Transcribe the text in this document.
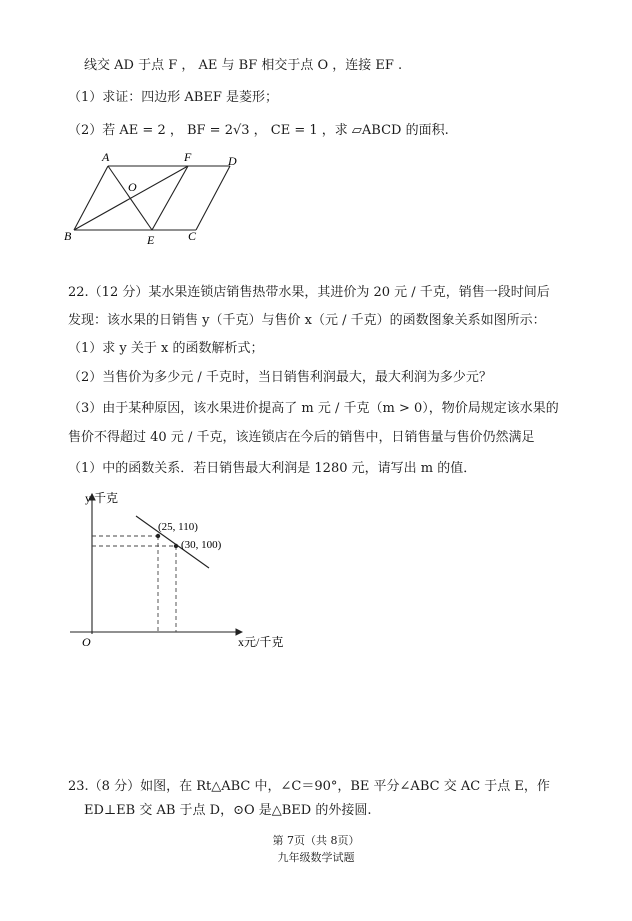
线交 AD 于点 F ， AE 与 BF 相交于点 O ，连接 EF .
（1）求证：四边形 ABEF 是菱形；
（2）若 AE = 2 ， BF = 2√3 ， CE = 1 ，求 ▱ABCD 的面积.
A	F	D
O
B	E	C
22.（12 分）某水果连锁店销售热带水果，其进价为 20 元 / 千克，销售一段时间后
发现：该水果的日销售 y（千克）与售价 x（元 / 千克）的函数图象关系如图所示：
（1）求 y 关于 x 的函数解析式；
（2）当售价为多少元 / 千克时，当日销售利润最大，最大利润为多少元？
（3）由于某种原因，该水果进价提高了 m 元 / 千克（m > 0），物价局规定该水果的
售价不得超过 40 元 / 千克，该连锁店在今后的销售中，日销售量与售价仍然满足
（1）中的函数关系．若日销售最大利润是 1280 元，请写出 m 的值．
y 千克
x元/千克
O
(25, 110)
(30, 100)
23.（8 分）如图，在 Rt△ABC 中，∠C＝90°，BE 平分∠ABC 交 AC 于点 E，作
ED⊥EB 交 AB 于点 D，⊙O 是△BED 的外接圆.
第 7页（共 8页）
九年级数学试题
